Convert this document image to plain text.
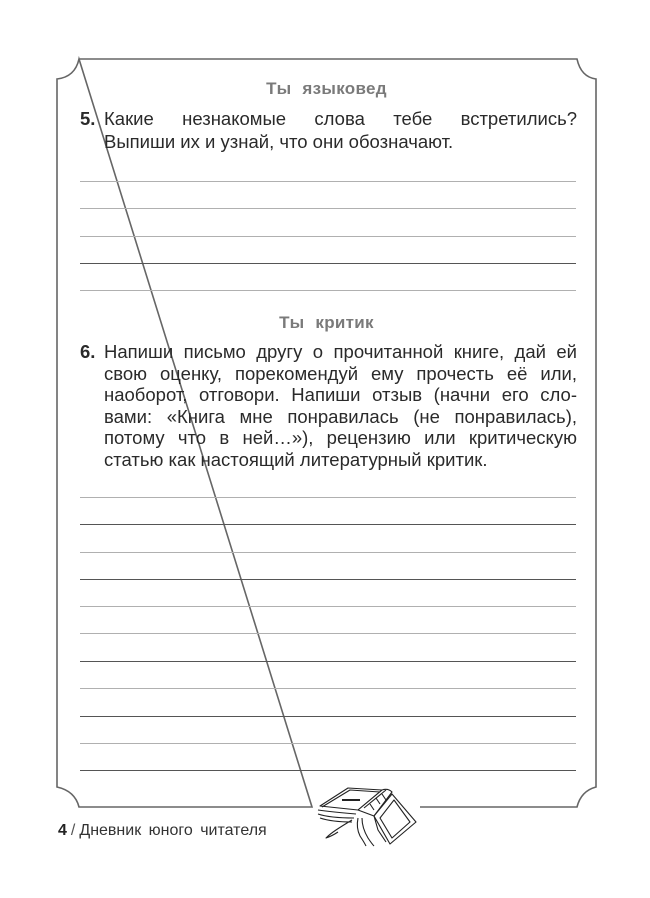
Ты языковед
5. Какие незнакомые слова тебе встретились?
Выпиши их и узнай, что они обозначают.
Ты критик
6. Напиши письмо другу о прочитанной книге, дай ей
свою оценку, порекомендуй ему прочесть её или,
наоборот, отговори. Напиши отзыв (начни его сло-
вами: «Книга мне понравилась (не понравилась),
потому что в ней…»), рецензию или критическую
статью как настоящий литературный критик.
4 / Дневник юного читателя
